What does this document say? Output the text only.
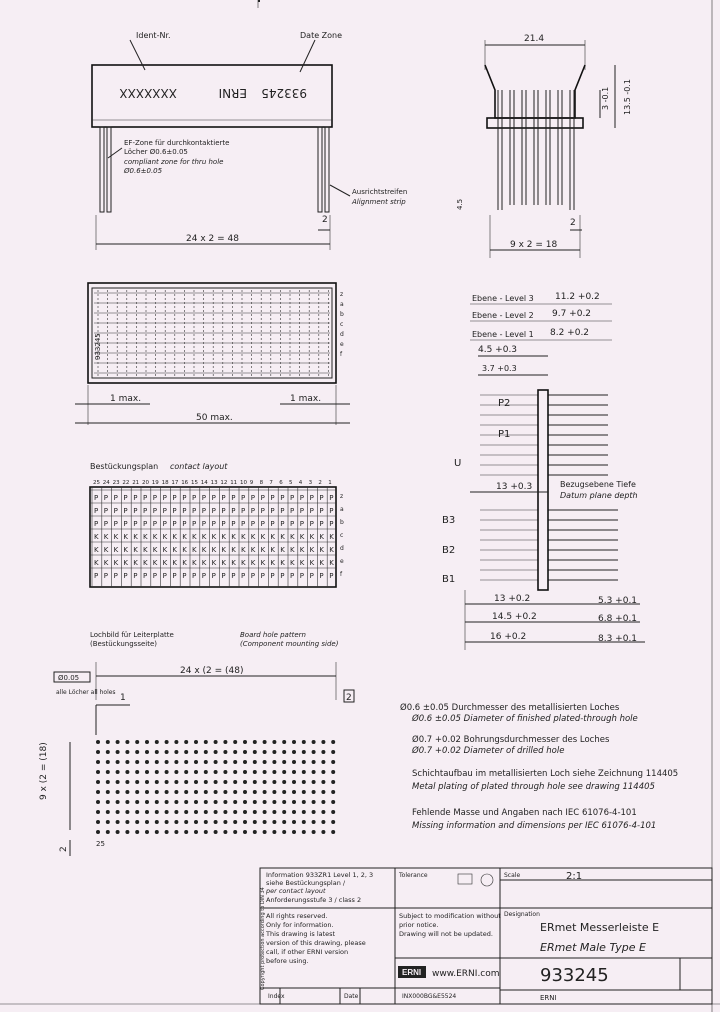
Ident-Nr.	Date Zone
933245
ERNI
XXXXXXX
EF-Zone für durchkontaktierte
Löcher Ø0.6±0.05
compliant zone for thru hole
Ø0.6±0.05
Ausrichtstreifen
Alignment strip
24 x 2 = 48
2
21.4
3 -0.1 13.5 -0.1
4.5
9 x 2 = 18
2
z
a
b
c
d
e
f
933245
1 max.	1 max.
50 max.
Bestückungsplan contact layout
25 24 23 22 21 20 19 18 17 16 15 14 13 12 11 10 9 8 7 6 5 4 3 2 1
z
P P P P P P P P P P P P P P P P P P P P P P P P P
a
P P P P P P P P P P P P P P P P P P P P P P P P P
b
P P P P P P P P P P P P P P P P P P P P P P P P P
c
K K K K K K K K K K K K K K K K K K K K K K K K K
d
K K K K K K K K K K K K K K K K K K K K K K K K K
e
K K K K K K K K K K K K K K K K K K K K K K K K K
f
P P P P P P P P P P P P P P P P P P P P P P P P P
Lochbild für Leiterplatte
(Bestückungsseite)
Board hole pattern
(Component mounting side)
24 x (2 = (48)
Ø0.05
alle Löcher all holes
1	2
9 x (2 = (18)
2
25
Ebene - Level 3
Ebene - Level 2
Ebene - Level 1
11.2 +0.2
9.7 +0.2
8.2 +0.2
4.5 +0.3
3.7 +0.3
P2
P1
U
B3
B2
B1
Bezugsebene Tiefe
Datum plane depth
13 +0.3
13 +0.2
14.5 +0.2
16 +0.2
5.3 +0.1
6.8 +0.1
8.3 +0.1
Ø0.6 ±0.05 Durchmesser des metallisierten Loches
Ø0.6 ±0.05 Diameter of finished plated-through hole
Ø0.7 +0.02 Bohrungsdurchmesser des Loches
Ø0.7 +0.02 Diameter of drilled hole
Schichtaufbau im metallisierten Loch siehe Zeichnung 114405
Metal plating of plated through hole see drawing 114405
Fehlende Masse und Angaben nach IEC 61076-4-101
Missing information and dimensions per IEC 61076-4-101
Information 933ZR1 Level 1, 2, 3
siehe Bestückungsplan /
per contact layout
Anforderungsstufe 3 / class 2
Tolerance	Scale	2:1
All rights reserved.
Only for information.
This drawing is latest
version of this drawing, please
call, if other ERNI version
before using.
Subject to modification without
prior notice.
Drawing will not be updated.
Designation
ERmet Messerleiste E
ERmet Male Type E
ERNI www.ERNI.com 933245
Index	Date	INX000BG&E5524	ERNI
Copyright protection according to DIN 34
